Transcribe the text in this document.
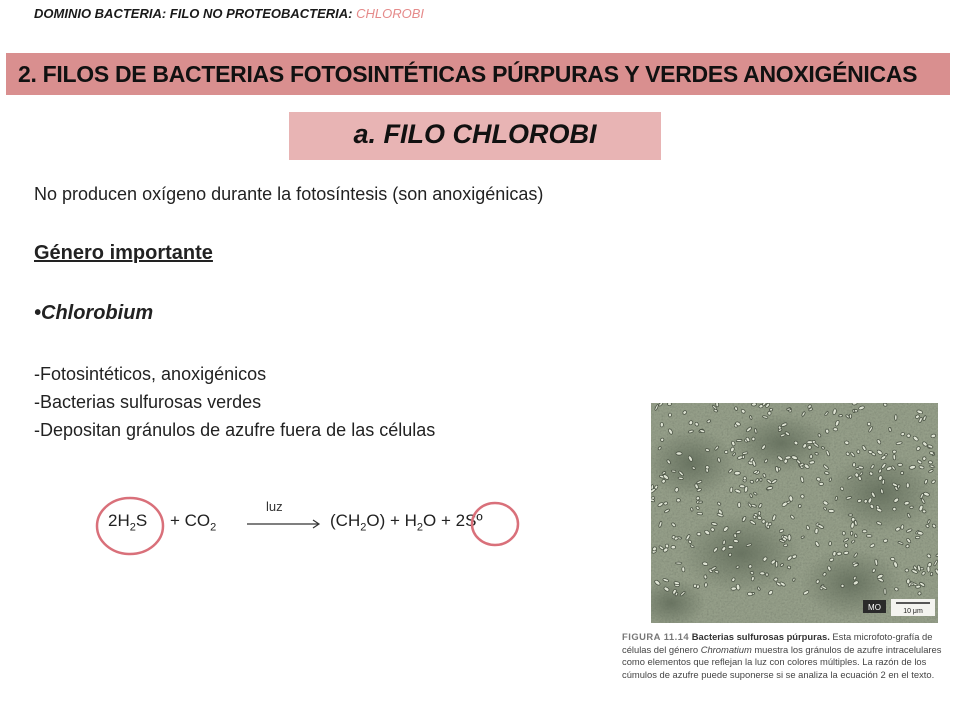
DOMINIO BACTERIA: FILO NO PROTEOBACTERIA: CHLOROBI
2. FILOS DE BACTERIAS FOTOSINTÉTICAS PÚRPURAS Y VERDES ANOXIGÉNICAS
a. FILO CHLOROBI
No producen oxígeno durante la fotosíntesis (son anoxigénicas)
Género importante
•Chlorobium
-Fotosintéticos, anoxigénicos
-Bacterias sulfurosas verdes
-Depositan gránulos de azufre fuera de las células
$2H_2S + CO_2$
luz
$(CH_2O) + H_2O$ + 2Sº
MO	10 μm
FIGURA 11.14 Bacterias sulfurosas púrpuras. Esta microfoto-grafía de células del género Chromatium muestra los gránulos de azufre intracelulares como elementos que reflejan la luz con colores múltiples. La razón de los cúmulos de azufre puede suponerse si se analiza la ecuación 2 en el texto.
